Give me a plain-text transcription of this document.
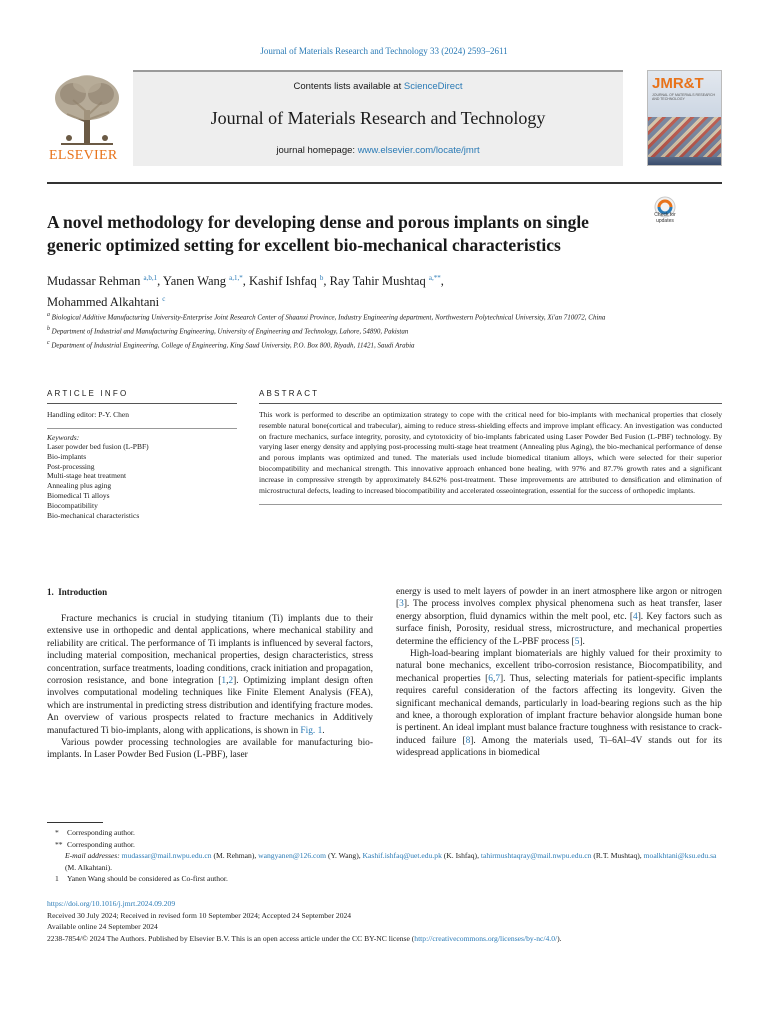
Journal of Materials Research and Technology 33 (2024) 2593–2611
ELSEVIER
Contents lists available at ScienceDirect
Journal of Materials Research and Technology
journal homepage: www.elsevier.com/locate/jmrt
JMR&T
JOURNAL OF MATERIALS RESEARCH AND TECHNOLOGY
A novel methodology for developing dense and porous implants on single generic optimized setting for excellent bio-mechanical characteristics
Check for
updates
Mudassar Rehman $^{a,b,1}$, Yanen Wang $^{a,1,*}$, Kashif Ishfaq $^b$, Ray Tahir Mushtaq $^{a,**}$,
Mohammed Alkahtani $^c$

$^a$ Biological Additive Manufacturing University-Enterprise Joint Research Center of Shaanxi Province, Industry Engineering department, Northwestern Polytechnical University, Xi'an 710072, China

$^b$ Department of Industrial and Manufacturing Engineering, University of Engineering and Technology, Lahore, 54890, Pakistan

$^c$ Department of Industrial Engineering, College of Engineering, King Saud University, P.O. Box 800, Riyadh, 11421, Saudi Arabia

ARTICLE INFO	ABSTRACT
Handling editor: P-Y. Chen
Keywords:
Laser powder bed fusion (L-PBF)
Bio-implants
Post-processing
Multi-stage heat treatment
Annealing plus aging
Biomedical Ti alloys
Biocompatibility
Bio-mechanical characteristics
This work is performed to describe an optimization strategy to cope with the critical need for bio-implants with mechanical properties that closely resemble natural bone(cortical and trabecular), aiming to reduce stress-shielding effects and improve implant efficacy. An investigation was conducted on fracture mechanics, surface integrity, porosity, and cytotoxicity of bio-implants fabricated using Laser Powder Bed Fusion (L-PBF) technology. By varying laser energy density and applying post-processing multi-stage heat treatment (Annealing plus Aging), the bio-mechanical performance of dense and porous implants was optimized and tuned. The materials used include biomedical titanium alloys, which were selected for their superior biocompatibility and mechanical strength. This innovative approach enhanced bone healing, with 97% and 87.7% growth rates and a significant increase in compressive strength by approximately 84.62% post-treatment. These improvements are attributed to densification and elimination of microstructural defects, leading to increased biocompatibility and accelerated osseointegration, essential for the success of orthopedic implants.
1. Introduction

Fracture mechanics is crucial in studying titanium (Ti) implants due to their extensive use in orthopedic and dental applications, where mechanical stability and reliability are critical. The performance of Ti implants is influenced by several factors, including material composition, mechanical properties, design characteristics, stress concentration, surface treatments, loading conditions, crack initiation and propagation, corrosion resistance, and bone integration [1,2]. Optimizing implant design often involves computational modeling techniques like Finite Element Analysis (FEA), which are instrumental in predicting stress distribution and identifying fracture modes. An overview of various prospects related to fracture mechanics in Additively manufactured Ti bio-implants, along with applications, is shown in Fig. 1.

Various powder processing technologies are available for manufacturing bio-implants. In Laser Powder Bed Fusion (L-PBF), laser

energy is used to melt layers of powder in an inert atmosphere like argon or nitrogen [3]. The process involves complex physical phenomena such as heat transfer, laser energy absorption, fluid dynamics within the melt pool, etc. [4]. Key factors such as surface finish, Porosity, residual stress, microstructure, and mechanical properties determine the efficiency of the L-PBF process [5].

High-load-bearing implant biomaterials are highly valued for their proximity to natural bone mechanics, excellent tribo-corrosion resistance, Biocompatibility, and mechanical properties [6,7]. Thus, selecting materials for patient-specific implants requires careful consideration of the factors affecting its longevity. Given the significant mechanical demands, particularly in load-bearing regions such as the hip and knee, a thorough exploration of implant fracture behavior alongside human bone is pertinent. An ideal implant must balance fracture toughness with resistance to crack-induced failure [8]. Among the materials used, Ti–6Al–4V stands out for its widespread applications in biomedical

* Corresponding author.
** Corresponding author.
E-mail addresses: mudassar@mail.nwpu.edu.cn (M. Rehman), wangyanen@126.com (Y. Wang), Kashif.ishfaq@uet.edu.pk (K. Ishfaq), tahirmushtaqray@mail.nwpu.edu.cn (R.T. Mushtaq), moalkhtani@ksu.edu.sa (M. Alkahtani).
1 Yanen Wang should be considered as Co-first author.
https://doi.org/10.1016/j.jmrt.2024.09.209
Received 30 July 2024; Received in revised form 10 September 2024; Accepted 24 September 2024
Available online 24 September 2024
2238-7854/© 2024 The Authors. Published by Elsevier B.V. This is an open access article under the CC BY-NC license (http://creativecommons.org/licenses/by-nc/4.0/).
